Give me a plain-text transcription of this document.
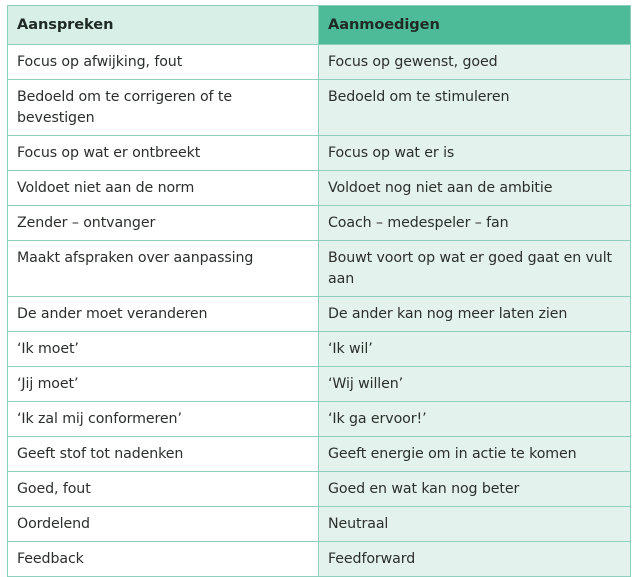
Aanspreken	Aanmoedigen
Focus op afwijking, fout	Focus op gewenst, goed
Bedoeld om te corrigeren of te bevestigen	Bedoeld om te stimuleren
Focus op wat er ontbreekt	Focus op wat er is
Voldoet niet aan de norm	Voldoet nog niet aan de ambitie
Zender – ontvanger	Coach – medespeler – fan
Maakt afspraken over aanpassing	Bouwt voort op wat er goed gaat en vult aan
De ander moet veranderen	De ander kan nog meer laten zien
‘Ik moet’	‘Ik wil’
‘Jij moet’	‘Wij willen’
‘Ik zal mij conformeren’	‘Ik ga ervoor!’
Geeft stof tot nadenken	Geeft energie om in actie te komen
Goed, fout	Goed en wat kan nog beter
Oordelend	Neutraal
Feedback	Feedforward
